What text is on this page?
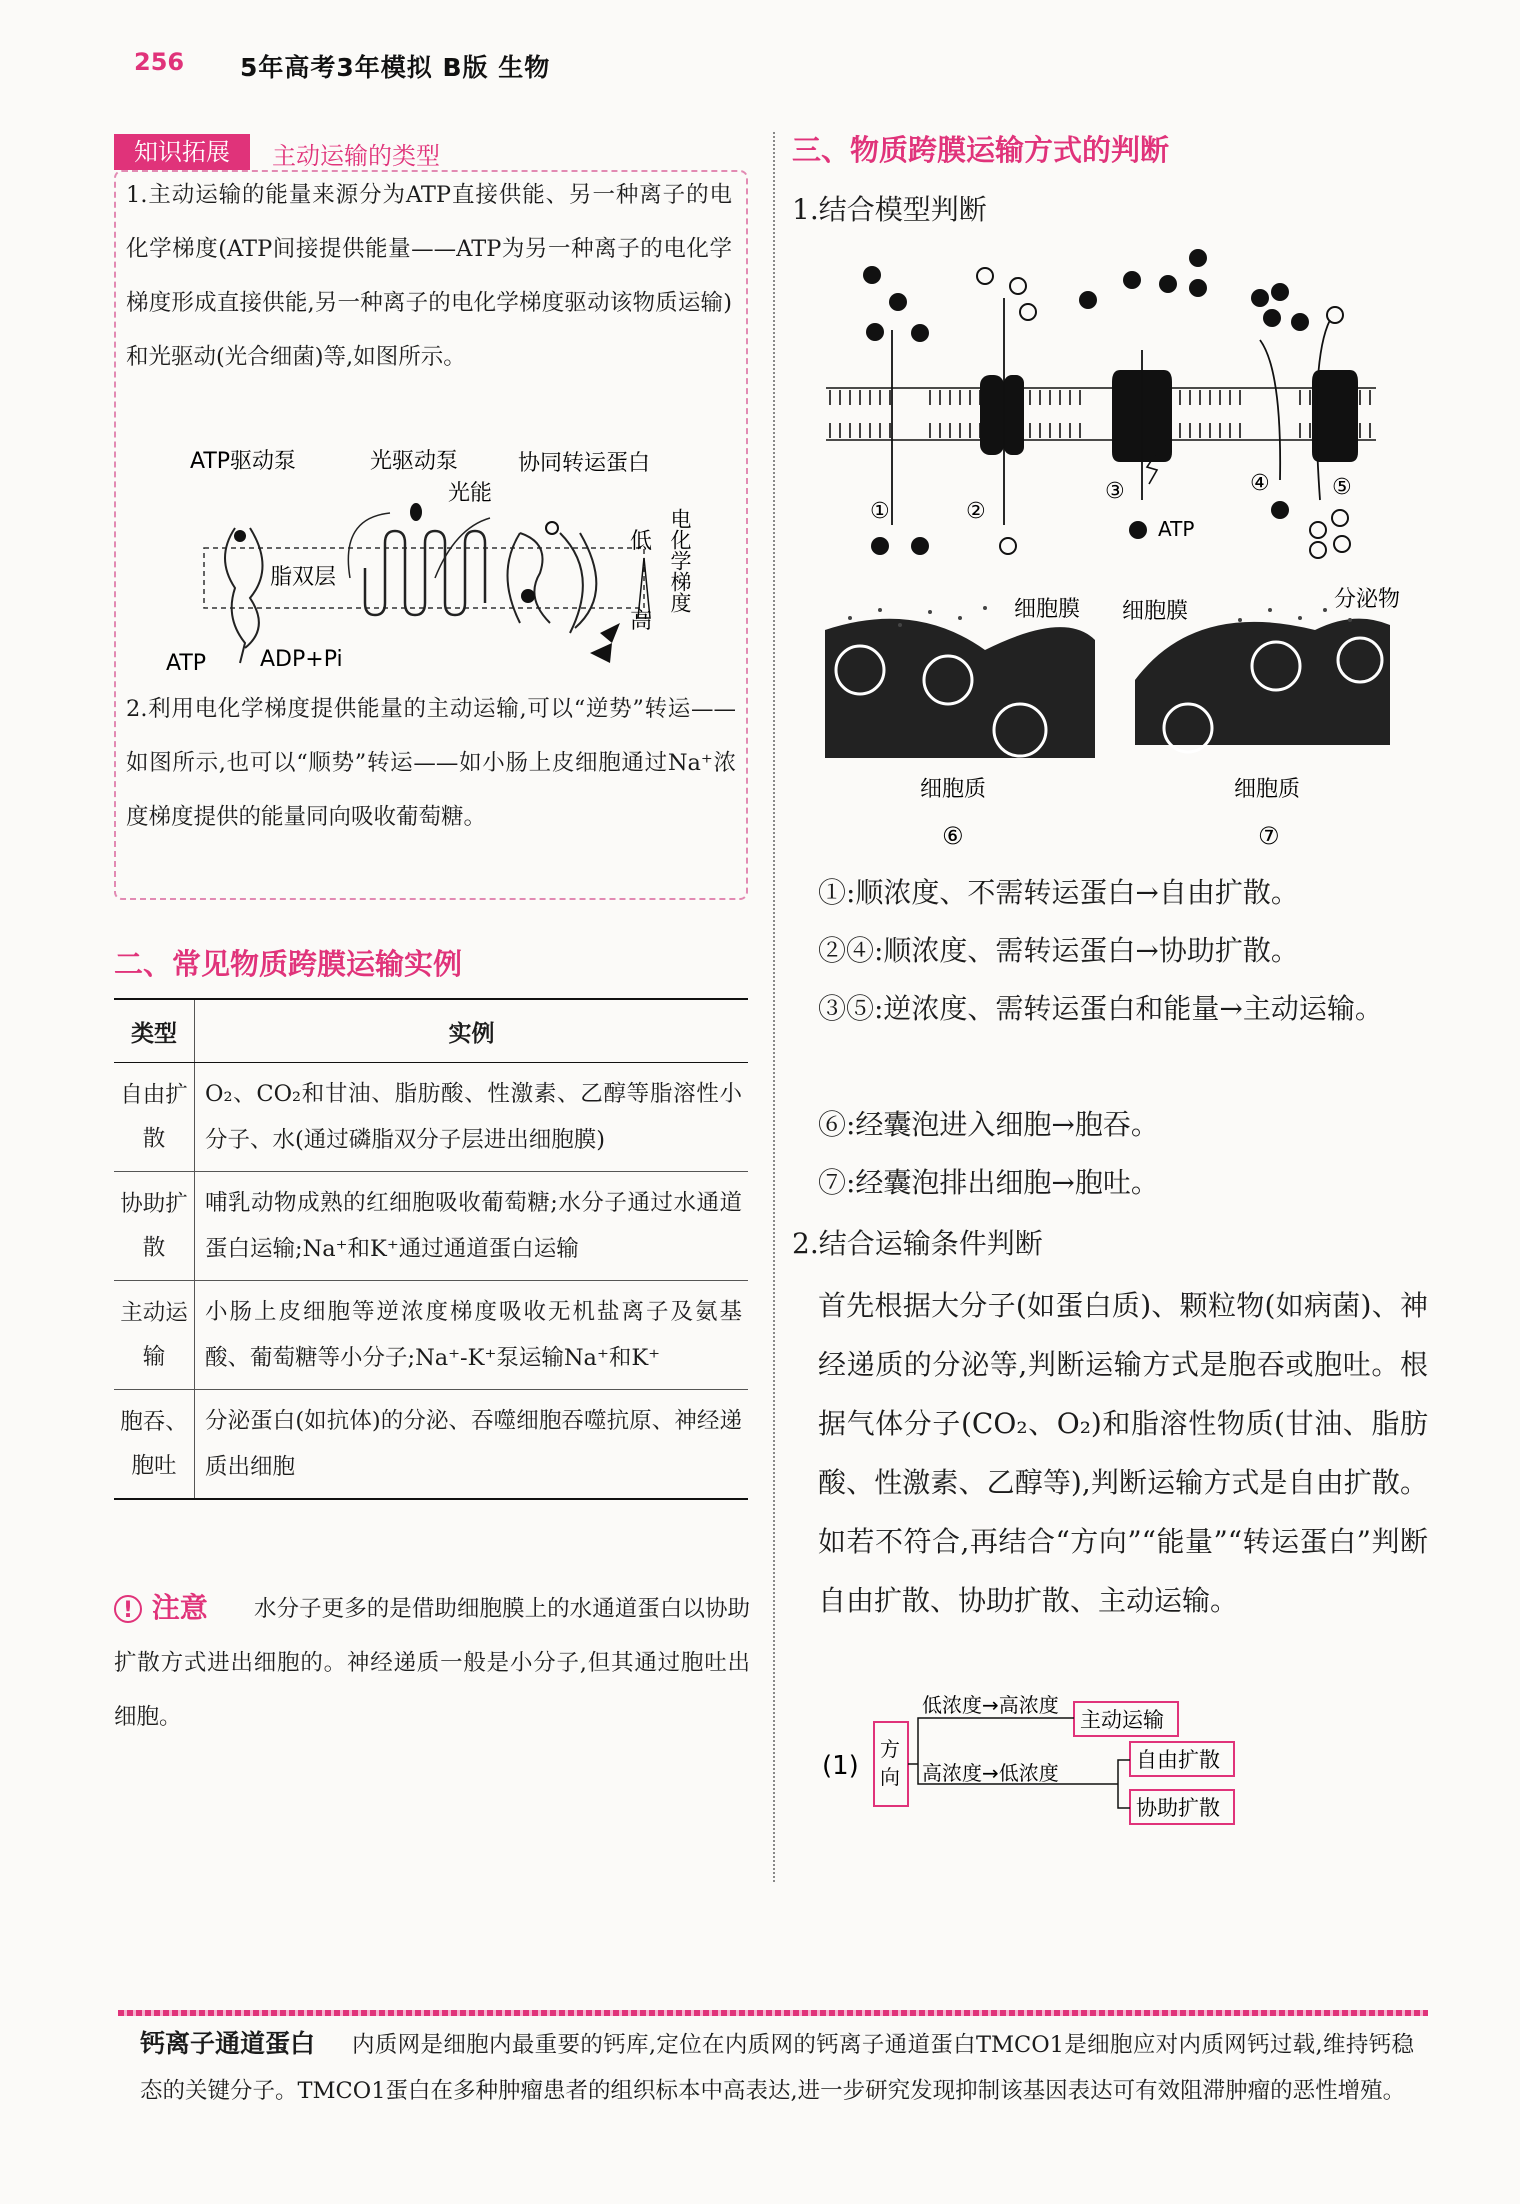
256 5年高考3年模拟 B版 生物
知识拓展	主动运输的类型
1.主动运输的能量来源分为ATP直接供能、另一种离子的电化学梯度(ATP间接提供能量——ATP为另一种离子的电化学梯度形成直接供能,另一种离子的电化学梯度驱动该物质运输)和光驱动(光合细菌)等,如图所示。
脂双层
ATP驱动泵	光驱动泵
光能
协同转运蛋白
低
高
电化学梯度
ATP ADP+Pi
2.利用电化学梯度提供能量的主动运输,可以“逆势”转运——如图所示,也可以“顺势”转运——如小肠上皮细胞通过Na⁺浓度梯度提供的能量同向吸收葡萄糖。
二、常见物质跨膜运输实例
类型	实例
自由扩散	O₂、CO₂和甘油、脂肪酸、性激素、乙醇等脂溶性小分子、水(通过磷脂双分子层进出细胞膜)
协助扩散	哺乳动物成熟的红细胞吸收葡萄糖;水分子通过水通道蛋白运输;Na⁺和K⁺通过通道蛋白运输
主动运输	小肠上皮细胞等逆浓度梯度吸收无机盐离子及氨基酸、葡萄糖等小分子;Na⁺-K⁺泵运输Na⁺和K⁺
胞吞、胞吐	分泌蛋白(如抗体)的分泌、吞噬细胞吞噬抗原、神经递质出细胞
水分子更多的是借助细胞膜上的水通道蛋白以协助扩散方式进出细胞的。神经递质一般是小分子,但其通过胞吐出细胞。
! 注意
三、物质跨膜运输方式的判断
1.结合模型判断
①	②
③	④	⑤
ATP
细胞膜 细胞膜	分泌物
细胞质	细胞质
⑥	⑦
①:顺浓度、不需转运蛋白→自由扩散。
②④:顺浓度、需转运蛋白→协助扩散。
③⑤:逆浓度、需转运蛋白和能量→主动运输。
⑥:经囊泡进入细胞→胞吞。
⑦:经囊泡排出细胞→胞吐。
2.结合运输条件判断
首先根据大分子(如蛋白质)、颗粒物(如病菌)、神经递质的分泌等,判断运输方式是胞吞或胞吐。根据气体分子(CO₂、O₂)和脂溶性物质(甘油、脂肪酸、性激素、乙醇等),判断运输方式是自由扩散。如若不符合,再结合“方向”“能量”“转运蛋白”判断自由扩散、协助扩散、主动运输。
(1)
方
向
低浓度→高浓度
高浓度→低浓度
主动运输
自由扩散
协助扩散
内质网是细胞内最重要的钙库,定位在内质网的钙离子通道蛋白TMCO1是细胞应对内质网钙过载,维持钙稳态的关键分子。TMCO1蛋白在多种肿瘤患者的组织标本中高表达,进一步研究发现抑制该基因表达可有效阻滞肿瘤的恶性增殖。
钙离子通道蛋白
